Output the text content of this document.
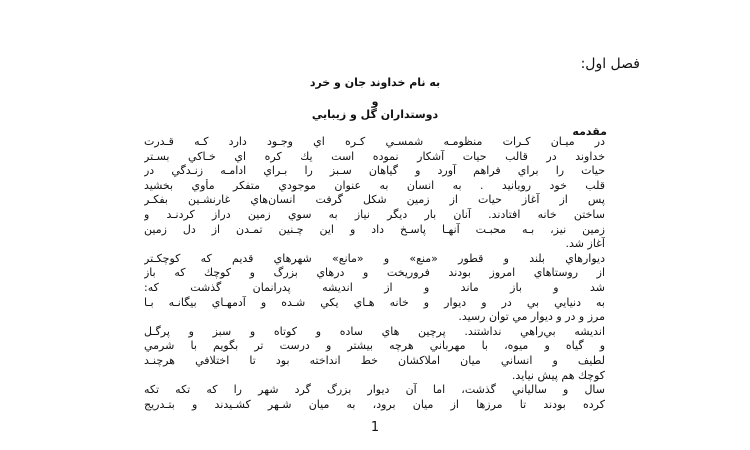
فصل اول:
به نام خداوند جان و خرد
و
دوستداران گل و زيبايي
مقدمه
در ميـان كـرات منظومـه شمسـي كـره اي وجـود دارد كـه قـدرت
خداوند در قالب حيات آشكار نموده است يك كره اي خـاكي بسـتر
حيات را براي فراهم آورد و گياهان سـبز را بـراي ادامـه زنـدگي در
قلب خود رويانيد . به انسان به عنوان موجودي متفكر مأوي بخشيد
پس از آغاز حيات از زمين شكل گرفت انسان‌هاي غارنشـين بفكـر
ساختن خانه افتادند. آنان بار ديگر نياز به سوي زمين دراز كردنـد و
زمين نيز، بـه محبـت آنهـا پاسـخ داد و اين چـنين تمـدن از دل زمين
آغاز شد.
ديوارهاي بلند و قطور «منع» و «مانع» شهرهاي قديم كه كوچكـتر
از روستاهاي امروز بودند فروريخت و درهاي بزرگ و كوچك كه باز
شد و باز ماند و از انديشه پدرانمان گذشت كه:
به دنيايي بي در و ديوار و خانه هـاي يكي شـده و آدمهـاي بيگانـه بـا
مرز و در و ديوار مي توان رسيد.
انديشه بي‌راهي نداشتند. پرچين هاي ساده و كوتاه و سبز و پرگـل
و گياه و ميوه، با مهرباني هرچه بيشتر و درست تر بگويم با شرمي
لطيف و انساني ميان املاكشان خط انداخته بود تا اختلافي هرچنـد
كوچك هم پيش نيايد.
سال و سالياني گذشت، اما آن ديوار بزرگ گرد شهر را كه تكه تكه
كرده بودند تا مرزها از ميان برود، به ميان شـهر كشـيدند و بتـدريج
1
